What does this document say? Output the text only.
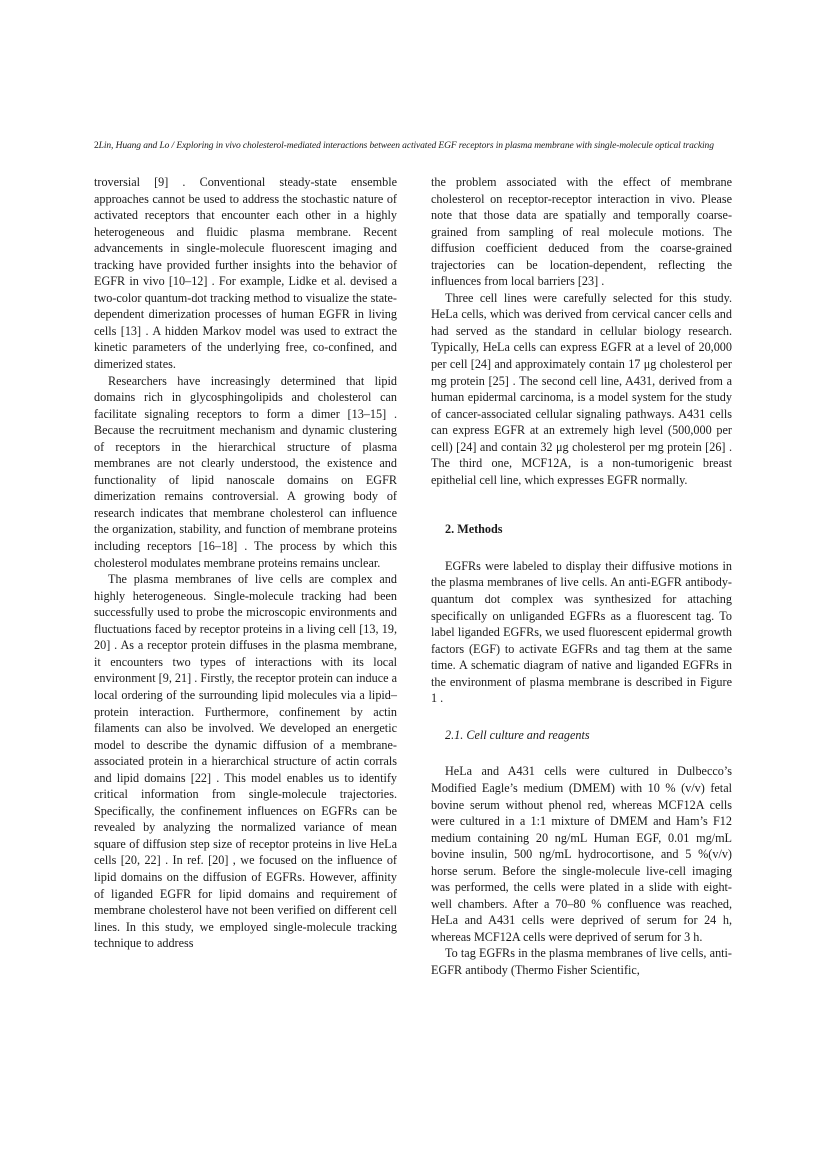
2Lin, Huang and Lo / Exploring in vivo cholesterol-mediated interactions between activated EGF receptors in plasma membrane with single-molecule optical tracking

troversial [9] . Conventional steady-state ensemble approaches cannot be used to address the stochastic nature of activated receptors that encounter each other in a highly heterogeneous and fluidic plasma membrane. Recent advancements in single-molecule fluorescent imaging and tracking have provided further insights into the behavior of EGFR in vivo [10–12] . For example, Lidke et al. devised a two-color quantum-dot tracking method to visualize the state-dependent dimerization processes of human EGFR in living cells [13] . A hidden Markov model was used to extract the kinetic parameters of the underlying free, co-confined, and dimerized states.

Researchers have increasingly determined that lipid domains rich in glycosphingolipids and cholesterol can facilitate signaling receptors to form a dimer [13–15] . Because the recruitment mechanism and dynamic clustering of receptors in the hierarchical structure of plasma membranes are not clearly understood, the existence and functionality of lipid nanoscale domains on EGFR dimerization remains controversial. A growing body of research indicates that membrane cholesterol can influence the organization, stability, and function of membrane proteins including receptors [16–18] . The process by which this cholesterol modulates membrane proteins remains unclear.

The plasma membranes of live cells are complex and highly heterogeneous. Single-molecule tracking had been successfully used to probe the microscopic environments and fluctuations faced by receptor proteins in a living cell [13, 19, 20] . As a receptor protein diffuses in the plasma membrane, it encounters two types of interactions with its local environment [9, 21] . Firstly, the receptor protein can induce a local ordering of the surrounding lipid molecules via a lipid–protein interaction. Furthermore, confinement by actin filaments can also be involved. We developed an energetic model to describe the dynamic diffusion of a membrane-associated protein in a hierarchical structure of actin corrals and lipid domains [22] . This model enables us to identify critical information from single-molecule trajectories. Specifically, the confinement influences on EGFRs can be revealed by analyzing the normalized variance of mean square of diffusion step size of receptor proteins in live HeLa cells [20, 22] . In ref. [20] , we focused on the influence of lipid domains on the diffusion of EGFRs. However, affinity of liganded EGFR for lipid domains and requirement of membrane cholesterol have not been verified on different cell lines. In this study, we employed single-molecule tracking technique to address

the problem associated with the effect of membrane cholesterol on receptor-receptor interaction in vivo. Please note that those data are spatially and temporally coarse-grained from sampling of real molecule motions. The diffusion coefficient deduced from the coarse-grained trajectories can be location-dependent, reflecting the influences from local barriers [23] .

Three cell lines were carefully selected for this study. HeLa cells, which was derived from cervical cancer cells and had served as the standard in cellular biology research. Typically, HeLa cells can express EGFR at a level of 20,000 per cell [24] and approximately contain 17 μg cholesterol per mg protein [25] . The second cell line, A431, derived from a human epidermal carcinoma, is a model system for the study of cancer-associated cellular signaling pathways. A431 cells can express EGFR at an extremely high level (500,000 per cell) [24] and contain 32 μg cholesterol per mg protein [26] . The third one, MCF12A, is a non-tumorigenic breast epithelial cell line, which expresses EGFR normally.

2. Methods

EGFRs were labeled to display their diffusive motions in the plasma membranes of live cells. An anti-EGFR antibody-quantum dot complex was synthesized for attaching specifically on unliganded EGFRs as a fluorescent tag. To label liganded EGFRs, we used fluorescent epidermal growth factors (EGF) to activate EGFRs and tag them at the same time. A schematic diagram of native and liganded EGFRs in the environment of plasma membrane is described in Figure 1 .

2.1. Cell culture and reagents

HeLa and A431 cells were cultured in Dulbecco’s Modified Eagle’s medium (DMEM) with 10 % (v/v) fetal bovine serum without phenol red, whereas MCF12A cells were cultured in a 1:1 mixture of DMEM and Ham’s F12 medium containing 20 ng/mL Human EGF, 0.01 mg/mL bovine insulin, 500 ng/mL hydrocortisone, and 5 %(v/v) horse serum. Before the single-molecule live-cell imaging was performed, the cells were plated in a slide with eight-well chambers. After a 70–80 % confluence was reached, HeLa and A431 cells were deprived of serum for 24 h, whereas MCF12A cells were deprived of serum for 3 h.

To tag EGFRs in the plasma membranes of live cells, anti-EGFR antibody (Thermo Fisher Scientific,
